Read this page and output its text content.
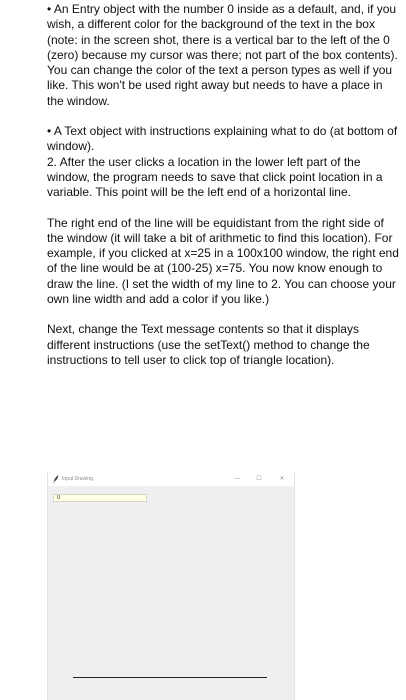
• An Entry object with the number 0 inside as a default, and, if you wish, a different color for the background of the text in the box (note: in the screen shot, there is a vertical bar to the left of the 0 (zero) because my cursor was there; not part of the box contents). You can change the color of the text a person types as well if you like. This won't be used right away but needs to have a place in the window.

• A Text object with instructions explaining what to do (at bottom of window).
2. After the user clicks a location in the lower left part of the window, the program needs to save that click point location in a variable. This point will be the left end of a horizontal line.

The right end of the line will be equidistant from the right side of the window (it will take a bit of arithmetic to find this location). For example, if you clicked at x=25 in a 100x100 window, the right end of the line would be at (100-25) x=75. You now know enough to draw the line. (I set the width of my line to 2. You can choose your own line width and add a color if you like.)

Next, change the Text message contents so that it displays different instructions (use the setText() method to change the instructions to tell user to click top of triangle location).

Input Drawing	—	☐	✕
0
